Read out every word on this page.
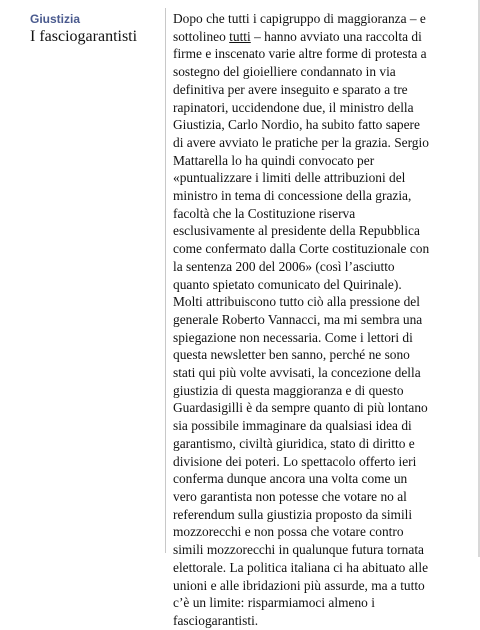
Giustizia
I fasciogarantisti
Dopo che tutti i capigruppo di maggioranza – e
sottolineo tutti – hanno avviato una raccolta di
firme e inscenato varie altre forme di protesta a
sostegno del gioielliere condannato in via
definitiva per avere inseguito e sparato a tre
rapinatori, uccidendone due, il ministro della
Giustizia, Carlo Nordio, ha subito fatto sapere
di avere avviato le pratiche per la grazia. Sergio
Mattarella lo ha quindi convocato per
«puntualizzare i limiti delle attribuzioni del
ministro in tema di concessione della grazia,
facoltà che la Costituzione riserva
esclusivamente al presidente della Repubblica
come confermato dalla Corte costituzionale con
la sentenza 200 del 2006» (così l’asciutto
quanto spietato comunicato del Quirinale).
Molti attribuiscono tutto ciò alla pressione del
generale Roberto Vannacci, ma mi sembra una
spiegazione non necessaria. Come i lettori di
questa newsletter ben sanno, perché ne sono
stati qui più volte avvisati, la concezione della
giustizia di questa maggioranza e di questo
Guardasigilli è da sempre quanto di più lontano
sia possibile immaginare da qualsiasi idea di
garantismo, civiltà giuridica, stato di diritto e
divisione dei poteri. Lo spettacolo offerto ieri
conferma dunque ancora una volta come un
vero garantista non potesse che votare no al
referendum sulla giustizia proposto da simili
mozzorecchi e non possa che votare contro
simili mozzorecchi in qualunque futura tornata
elettorale. La politica italiana ci ha abituato alle
unioni e alle ibridazioni più assurde, ma a tutto
c’è un limite: risparmiamoci almeno i
fasciogarantisti.
